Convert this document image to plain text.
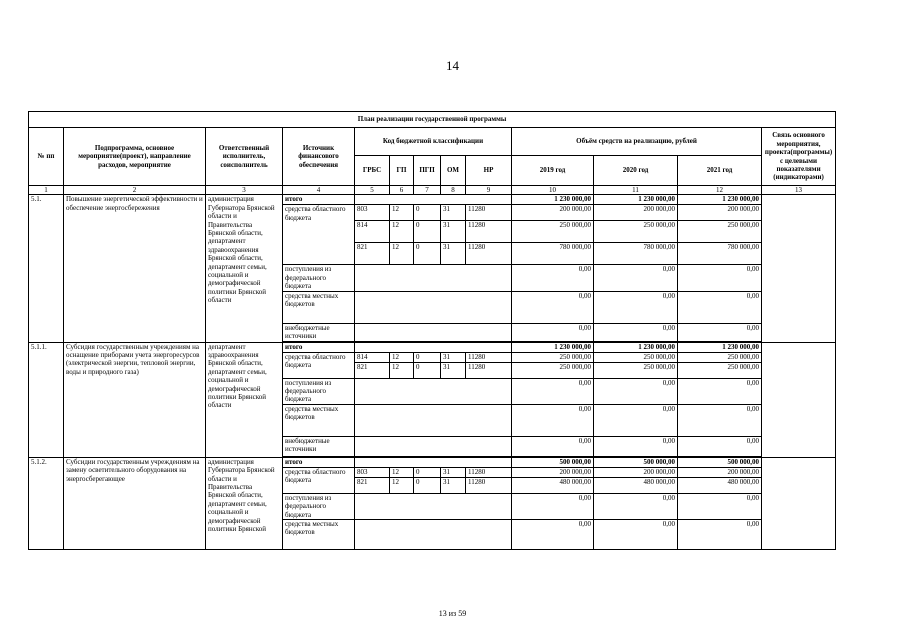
14
План реализации государственной программы												
№ пп	Подпрограмма, основное мероприятие(проект), направление расходов, мероприятие	Ответственный исполнитель, соисполнитель	Источник финансового обеспечения	Код бюджетной классификации					Объём средств на реализацию, рублей			Связь основного мероприятия, проекта(программы) с целевыми показателями (индикаторами)
				ГРБС	ГП	ПГП	ОМ	НР	2019 год	2020 год	2021 год	
1	2	3	4	5	6	7	8	9	10	11	12	13
5.1.	Повышение энергетической эффективности и обеспечение энергосбережения	администрация Губернатора Брянской области и Правительства Брянской области, департамент здравоохранения Брянской области, департамент семьи, социальной и демографической политики Брянской области	итого						1 230 000,00	1 230 000,00	1 230 000,00	
			средства областного бюджета	803	12	0	31	11280	200 000,00	200 000,00	200 000,00	
				814	12	0	31	11280	250 000,00	250 000,00	250 000,00	
				821	12	0	31	11280	780 000,00	780 000,00	780 000,00	
			поступления из федерального бюджета						0,00	0,00	0,00	
			средства местных бюджетов						0,00	0,00	0,00	
			внебюджетные источники						0,00	0,00	0,00	

5.1.1.	Субсидия государственным учреждениям на оснащение приборами учета энергоресурсов (электрической энергии, тепловой энергии, воды и природного газа)	департамент здравоохранения Брянской области, департамент семьи, социальной и демографической политики Брянской области	итого						1 230 000,00	1 230 000,00	1 230 000,00	
			средства областного бюджета	814	12	0	31	11280	250 000,00	250 000,00	250 000,00	
				821	12	0	31	11280	250 000,00	250 000,00	250 000,00	
			поступления из федерального бюджета						0,00	0,00	0,00	
			средства местных бюджетов						0,00	0,00	0,00	
			внебюджетные источники						0,00	0,00	0,00	

5.1.2.	Субсидии государственным учреждениям на замену осветительного оборудования на энергосберегающее	администрация Губернатора Брянской области и Правительства Брянской области, департамент семьи, социальной и демографической политики Брянской	итого						500 000,00	500 000,00	500 000,00	
			средства областного бюджета	803	12	0	31	11280	200 000,00	200 000,00	200 000,00	
				821	12	0	31	11280	480 000,00	480 000,00	480 000,00	
			поступления из федерального бюджета						0,00	0,00	0,00	
			средства местных бюджетов						0,00	0,00	0,00	
13 из 59
